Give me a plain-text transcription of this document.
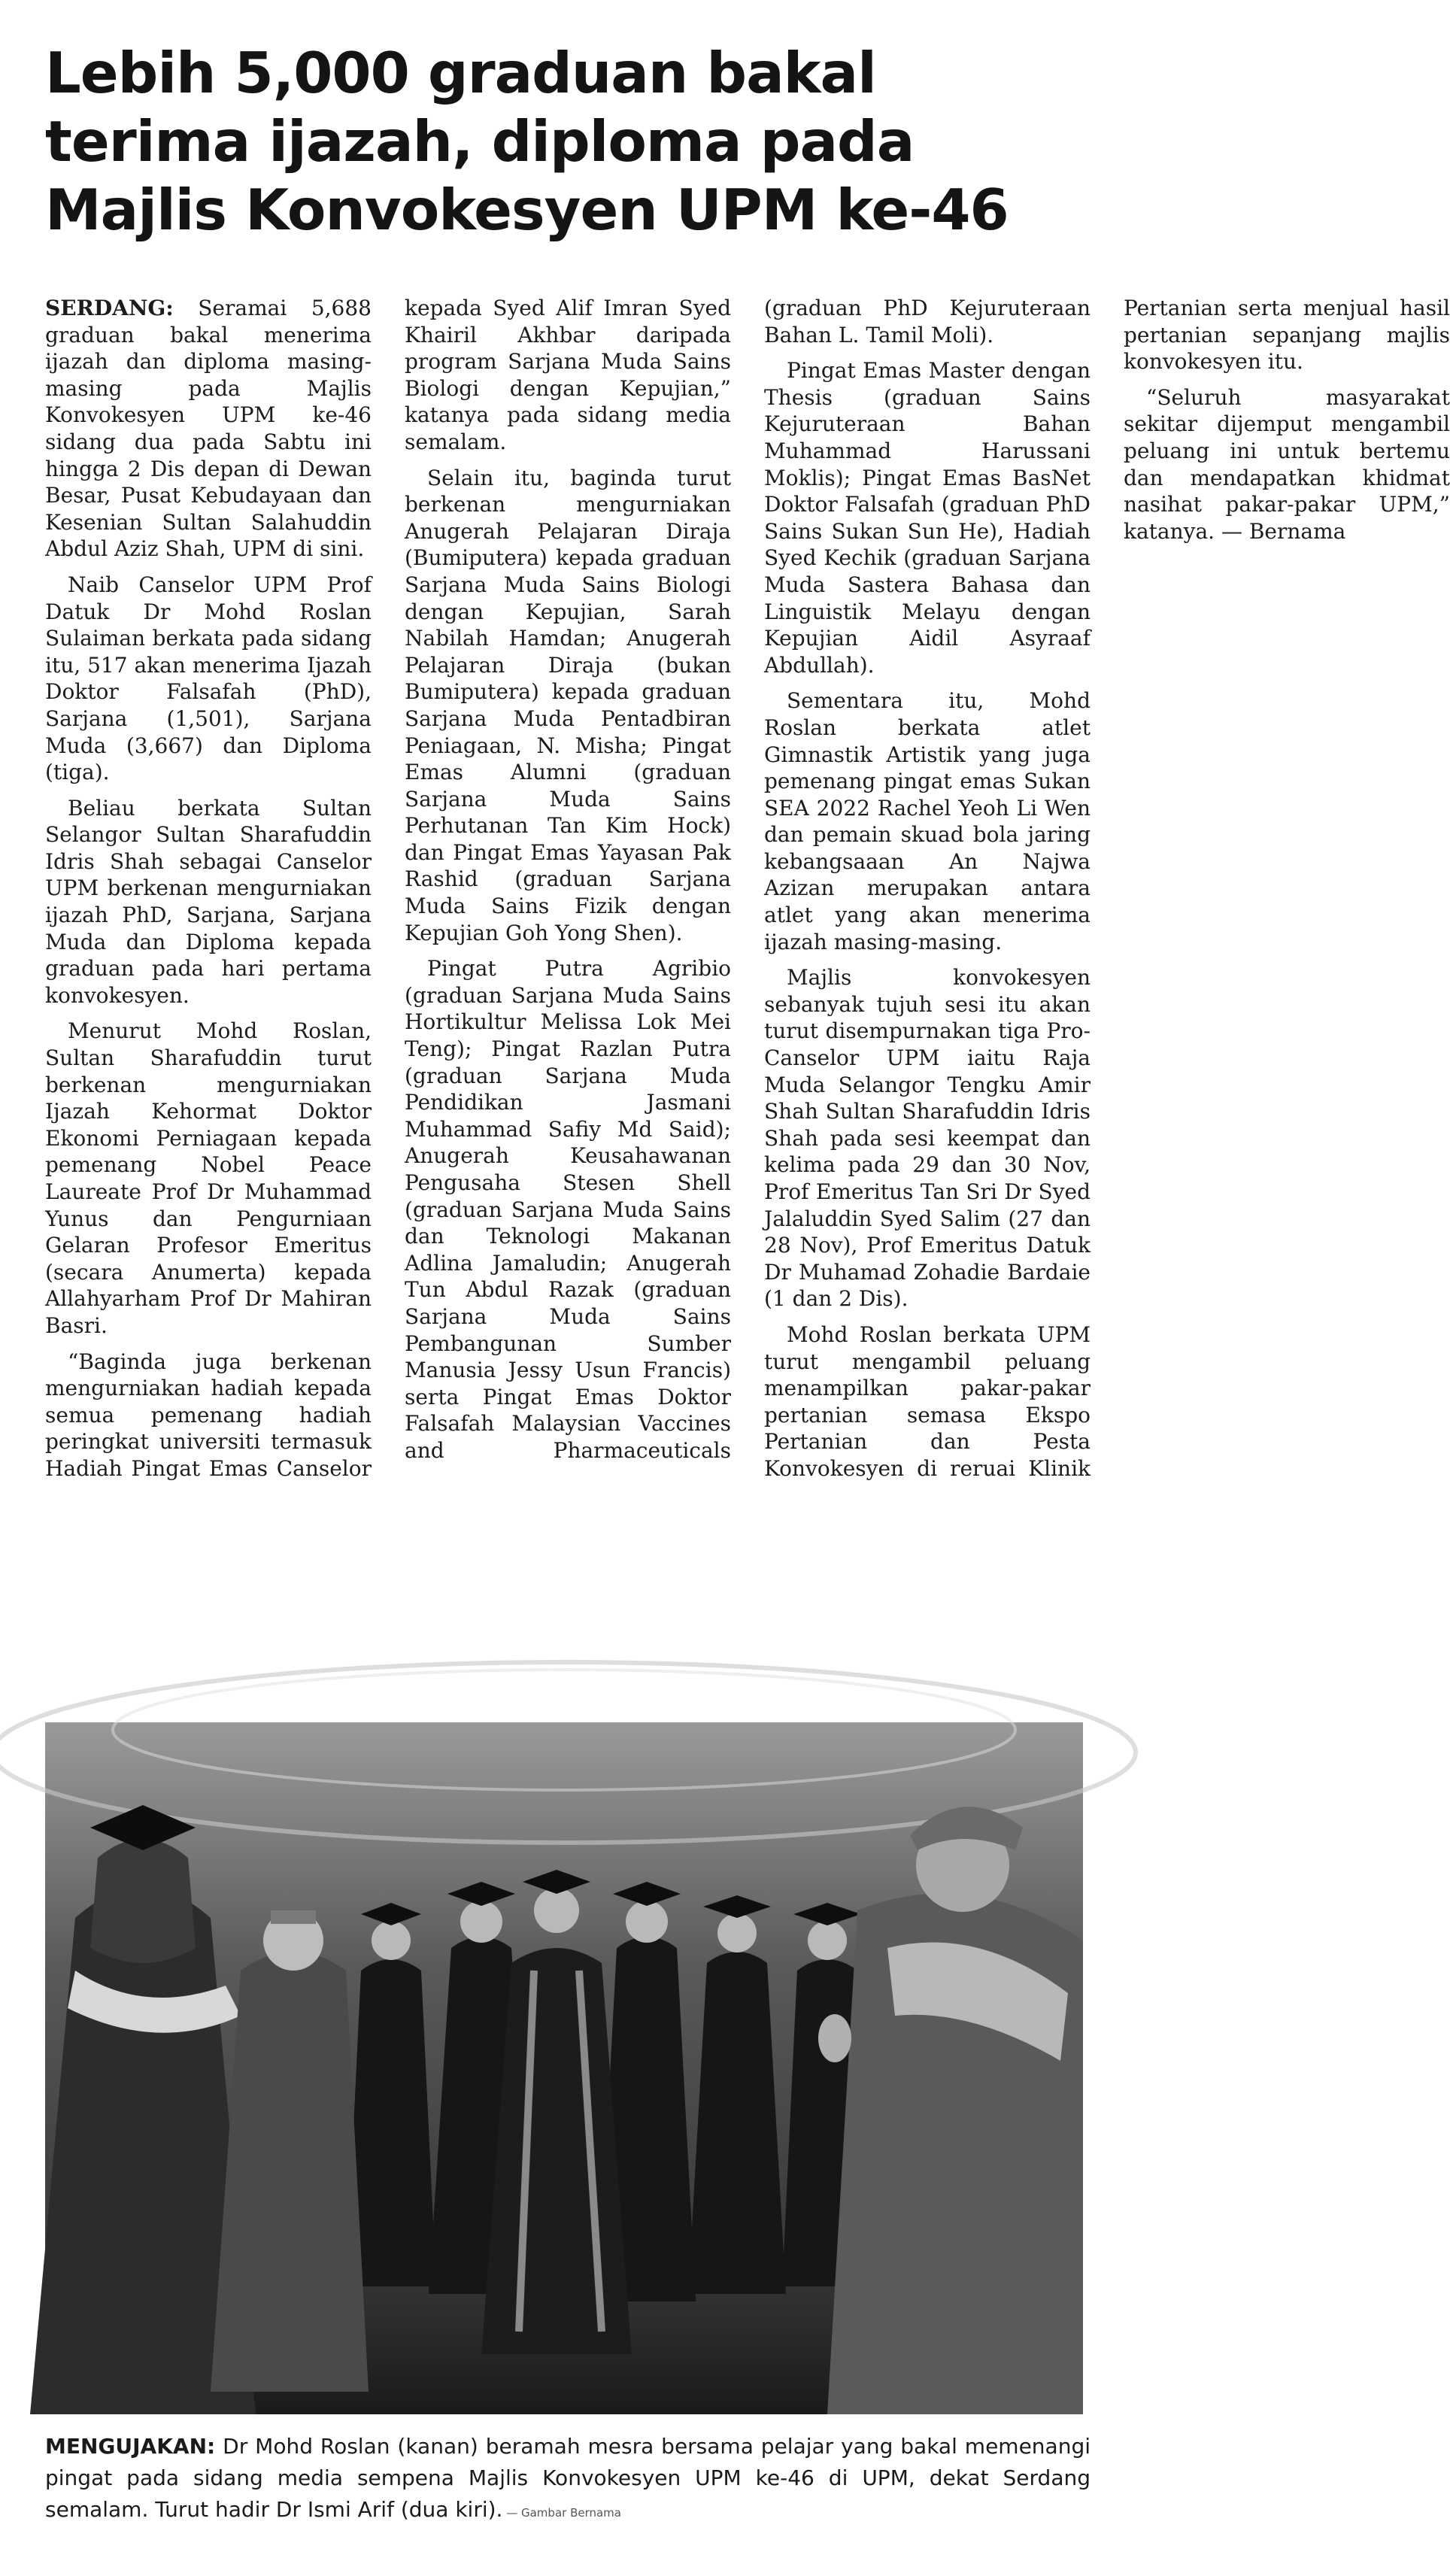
Lebih 5,000 graduan bakal terima ijazah, diploma pada Majlis Konvokesyen UPM ke-46

SERDANG: Seramai 5,688 graduan bakal menerima ijazah dan diploma masing-masing pada Majlis Konvokesyen UPM ke-46 sidang dua pada Sabtu ini hingga 2 Dis depan di Dewan Besar, Pusat Kebudayaan dan Kesenian Sultan Salahuddin Abdul Aziz Shah, UPM di sini.

Naib Canselor UPM Prof Datuk Dr Mohd Roslan Sulaiman berkata pada sidang itu, 517 akan menerima Ijazah Doktor Falsafah (PhD), Sarjana (1,501), Sarjana Muda (3,667) dan Diploma (tiga).

Beliau berkata Sultan Selangor Sultan Sharafuddin Idris Shah sebagai Canselor UPM berkenan mengurniakan ijazah PhD, Sarjana, Sarjana Muda dan Diploma kepada graduan pada hari pertama konvokesyen.

Menurut Mohd Roslan, Sultan Sharafuddin turut berkenan mengurniakan Ijazah Kehormat Doktor Ekonomi Perniagaan kepada pemenang Nobel Peace Laureate Prof Dr Muhammad Yunus dan Pengurniaan Gelaran Profesor Emeritus (secara Anumerta) kepada Allahyarham Prof Dr Mahiran Basri.

“Baginda juga berkenan mengurniakan hadiah kepada semua pemenang hadiah peringkat universiti termasuk Hadiah Pingat Emas Canselor kepada Syed Alif Imran Syed Khairil Akhbar daripada program Sarjana Muda Sains Biologi dengan Kepujian,” katanya pada sidang media semalam.

Selain itu, baginda turut berkenan mengurniakan Anugerah Pelajaran Diraja (Bumiputera) kepada graduan Sarjana Muda Sains Biologi dengan Kepujian, Sarah Nabilah Hamdan; Anugerah Pelajaran Diraja (bukan Bumiputera) kepada graduan Sarjana Muda Pentadbiran Peniagaan, N. Misha; Pingat Emas Alumni (graduan Sarjana Muda Sains Perhutanan Tan Kim Hock) dan Pingat Emas Yayasan Pak Rashid (graduan Sarjana Muda Sains Fizik dengan Kepujian Goh Yong Shen).

Pingat Putra Agribio (graduan Sarjana Muda Sains Hortikultur Melissa Lok Mei Teng); Pingat Razlan Putra (graduan Sarjana Muda Pendidikan Jasmani Muhammad Safiy Md Said); Anugerah Keusahawanan Pengusaha Stesen Shell (graduan Sarjana Muda Sains dan Teknologi Makanan Adlina Jamaludin; Anugerah Tun Abdul Razak (graduan Sarjana Muda Sains Pembangunan Sumber Manusia Jessy Usun Francis) serta Pingat Emas Doktor Falsafah Malaysian Vaccines and Pharmaceuticals (graduan PhD Kejuruteraan Bahan L. Tamil Moli).

Pingat Emas Master dengan Thesis (graduan Sains Kejuruteraan Bahan Muhammad Harussani Moklis); Pingat Emas BasNet Doktor Falsafah (graduan PhD Sains Sukan Sun He), Hadiah Syed Kechik (graduan Sarjana Muda Sastera Bahasa dan Linguistik Melayu dengan Kepujian Aidil Asyraaf Abdullah).

Sementara itu, Mohd Roslan berkata atlet Gimnastik Artistik yang juga pemenang pingat emas Sukan SEA 2022 Rachel Yeoh Li Wen dan pemain skuad bola jaring kebangsaaan An Najwa Azizan merupakan antara atlet yang akan menerima ijazah masing-masing.

Majlis konvokesyen sebanyak tujuh sesi itu akan turut disempurnakan tiga Pro-Canselor UPM iaitu Raja Muda Selangor Tengku Amir Shah Sultan Sharafuddin Idris Shah pada sesi keempat dan kelima pada 29 dan 30 Nov, Prof Emeritus Tan Sri Dr Syed Jalaluddin Syed Salim (27 dan 28 Nov), Prof Emeritus Datuk Dr Muhamad Zohadie Bardaie (1 dan 2 Dis).

Mohd Roslan berkata UPM turut mengambil peluang menampilkan pakar-pakar pertanian semasa Ekspo Pertanian dan Pesta Konvokesyen di reruai Klinik Pertanian serta menjual hasil pertanian sepanjang majlis konvokesyen itu.

“Seluruh masyarakat sekitar dijemput mengambil peluang ini untuk bertemu dan mendapatkan khidmat nasihat pakar-pakar UPM,” katanya. — Bernama

MENGUJAKAN: Dr Mohd Roslan (kanan) beramah mesra bersama pelajar yang bakal memenangi pingat pada sidang media sempena Majlis Konvokesyen UPM ke-46 di UPM, dekat Serdang semalam. Turut hadir Dr Ismi Arif (dua kiri). — Gambar Bernama
